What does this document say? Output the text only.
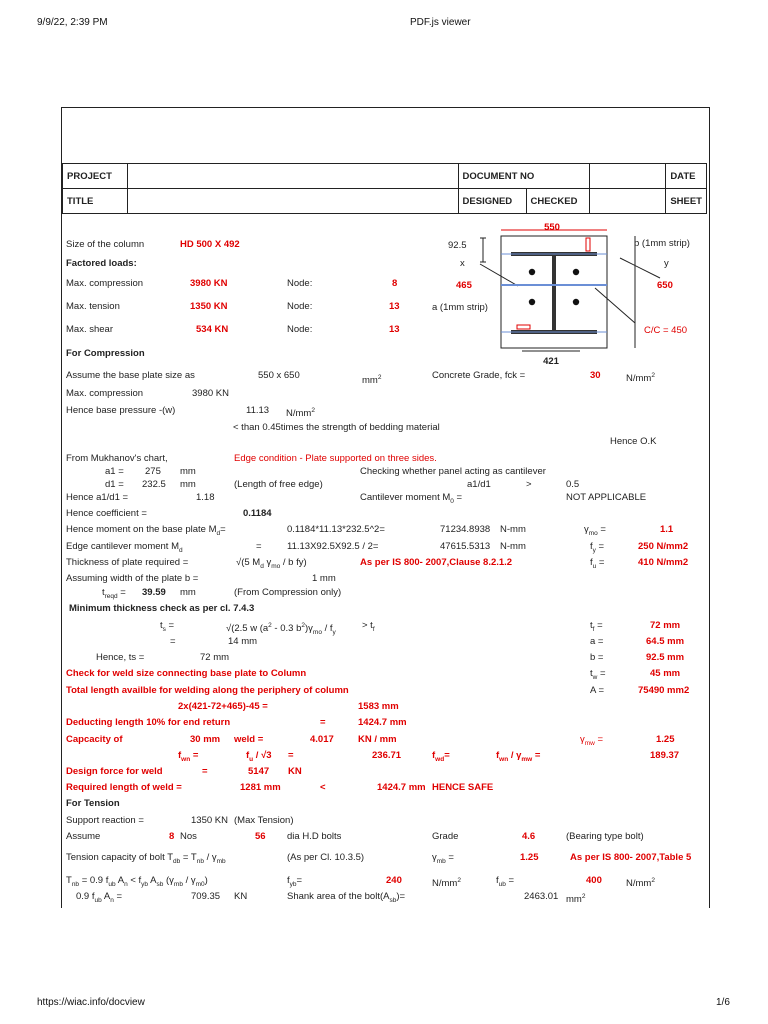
9/9/22, 2:39 PM	PDF.js viewer
PROJECT		DOCUMENT NO			DATE
TITLE		DESIGNED	CHECKED		SHEET
Size of the column	HD 500 X 492
Factored loads:
Max. compression	3980 KN	Node:	8
Max. tension	1350 KN	Node:	13
Max. shear	534 KN	Node:	13
550
92.5
x	y
b (1mm strip)
a (1mm strip)
465	650
C/C = 450
421
For Compression
Assume the base plate size as	550 x 650	$mm^2$	Concrete Grade, fck =	30	$N/mm^2$
Max. compression	3980 KN
Hence base pressure -(w)	11.13 $N/mm^2$
< than 0.45times the strength of bedding material
Hence O.K
From Mukhanov's chart,	Edge condition - Plate supported on three sides.
a1 = 275 mm	Checking whether panel acting as cantilever
d1 = 232.5 mm	(Length of free edge)	a1/d1	>	0.5
Hence a1/d1 =	1.18	Cantilever moment $M_0$ =	NOT APPLICABLE
Hence coefficient =	0.1184
Hence moment on the base plate $M_d=$	0.1184*11.13*232.5^2=	71234.8938 N-mm	$\gamma_{mo}$ =	1.1
Edge cantilever moment $M_d$	=	11.13X92.5X92.5 / 2=	47615.5313 N-mm	$f_y$ =	250 N/mm2
Thickness of plate required =	√(5 $M_d$ $\gamma_{mo}$ / b fy)	As per IS 800- 2007,Clause 8.2.1.2	$f_u$ =	410 N/mm2
Assuming width of the plate b =	1 mm
$t_{reqd} = 39.59$ mm	(From Compression only)
Minimum thickness check as per cl. 7.4.3
$t_s$ =	√(2.5 w ($a^2 - 0.3$ $b^2)\gamma_{mo} / f_y$
> $t_f$	$t_f$ =	72 mm
=	14 mm	a =	64.5 mm
Hence, ts =	72 mm	b =	92.5 mm
$t_w$ =	45 mm
Check for weld size connecting base plate to Column
Total length availble for welding along the periphery of column	A =	75490 mm2
2x(421-72+465)-45 =	1583 mm
Deducting length 10% for end return	=	1424.7 mm
Capcacity of	30 mm weld =	4.017	KN / mm	$\gamma_{mw}$ =	1.25
$f_{wn}$ =	$f_u / √3$ =	236.71	$f_{wd}=$	$f_{wn} / \gamma_{mw}$ =	189.37
Design force for weld	=	5147 KN
Required length of weld =	1281 mm	<	1424.7 mm HENCE SAFE
For Tension
Support reaction =	1350 KN (Max Tension)
Assume	8 Nos	56 dia H.D bolts	Grade	4.6	(Bearing type bolt)
Tension capacity of bolt $T_{db} = T_{nb} / \gamma_{mb}$	(As per Cl. 10.3.5)	$\gamma_{mb}$ =	1.25	As per IS 800- 2007,Table 5
$T_{nb} = 0.9$ $f_{ub}$ $A_n < f_{yb}$ $A_{sb}$ $(\gamma_{mb} / \gamma_{m0})$	$f_{yb}=$	240	$N/mm^2$	$f_{ub}$ =	400	$N/mm^2$
0.9 $f_{ub}$ $A_n$ =	709.35 KN	Shank area of the $bolt(A_{sb})=$	2463.01 $mm^2$
https://wiac.info/docview	1/6
